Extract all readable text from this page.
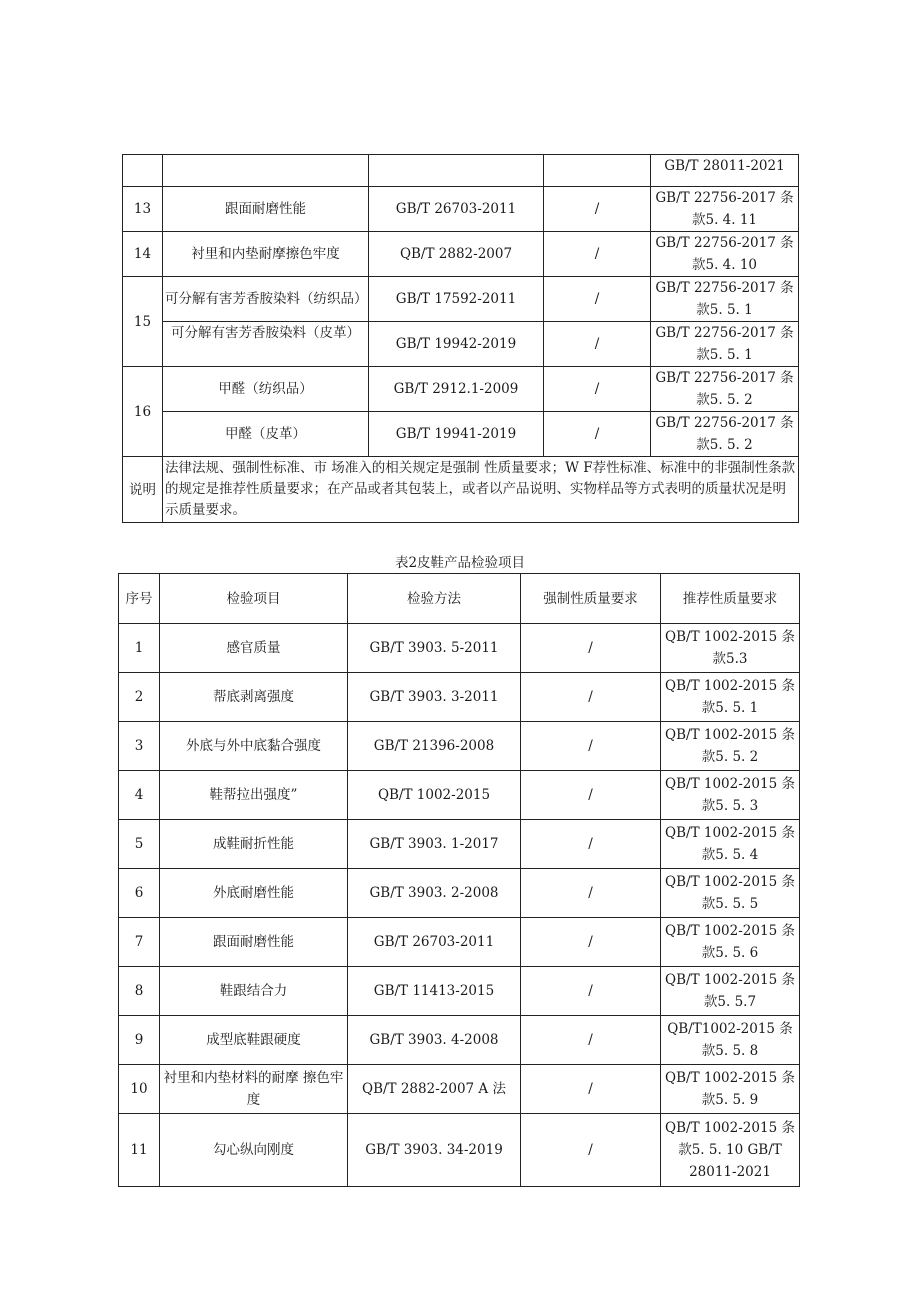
				GB/T 28011-2021
13	跟面耐磨性能	GB/T 26703-2011	/	GB/T 22756-2017 条款5. 4. 11
14	衬里和内垫耐摩擦色牢度	QB/T 2882-2007	/	GB/T 22756-2017 条款5. 4. 10
15	可分解有害芳香胺染料（纺织品）	GB/T 17592-2011	/	GB/T 22756-2017 条款5. 5. 1
	可分解有害芳香胺染料（皮革）	GB/T 19942-2019	/	GB/T 22756-2017 条款5. 5. 1
16	甲醛（纺织品）	GB/T 2912.1-2009	/	GB/T 22756-2017 条款5. 5. 2
	甲醛（皮革）	GB/T 19941-2019	/	GB/T 22756-2017 条款5. 5. 2
说明	法律法规、强制性标准、市 场准入的相关规定是强制 性质量要求；W F荐性标准、标准中的非强制性条款的规定是推荐性质量要求；在产品或者其包装上，或者以产品说明、实物样品等方式表明的质量状况是明示质量要求。			
表2皮鞋产品检验项目
序号	检验项目	检验方法	强制性质量要求	推荐性质量要求
1	感官质量	GB/T 3903. 5-2011	/	QB/T 1002-2015 条款5.3
2	帮底剥离强度	GB/T 3903. 3-2011	/	QB/T 1002-2015 条款5. 5. 1
3	外底与外中底黏合强度	GB/T 21396-2008	/	QB/T 1002-2015 条款5. 5. 2
4	鞋帮拉出强度”	QB/T 1002-2015	/	QB/T 1002-2015 条款5. 5. 3
5	成鞋耐折性能	GB/T 3903. 1-2017	/	QB/T 1002-2015 条款5. 5. 4
6	外底耐磨性能	GB/T 3903. 2-2008	/	QB/T 1002-2015 条款5. 5. 5
7	跟面耐磨性能	GB/T 26703-2011	/	QB/T 1002-2015 条款5. 5. 6
8	鞋跟结合力	GB/T 11413-2015	/	QB/T 1002-2015 条款5. 5.7
9	成型底鞋跟硬度	GB/T 3903. 4-2008	/	QB/T1002-2015 条款5. 5. 8
10	衬里和内垫材料的耐摩 擦色牢度	QB/T 2882-2007 A 法	/	QB/T 1002-2015 条款5. 5. 9
11	勾心纵向刚度	GB/T 3903. 34-2019	/	QB/T 1002-2015 条款5. 5. 10 GB/T 28011-2021
